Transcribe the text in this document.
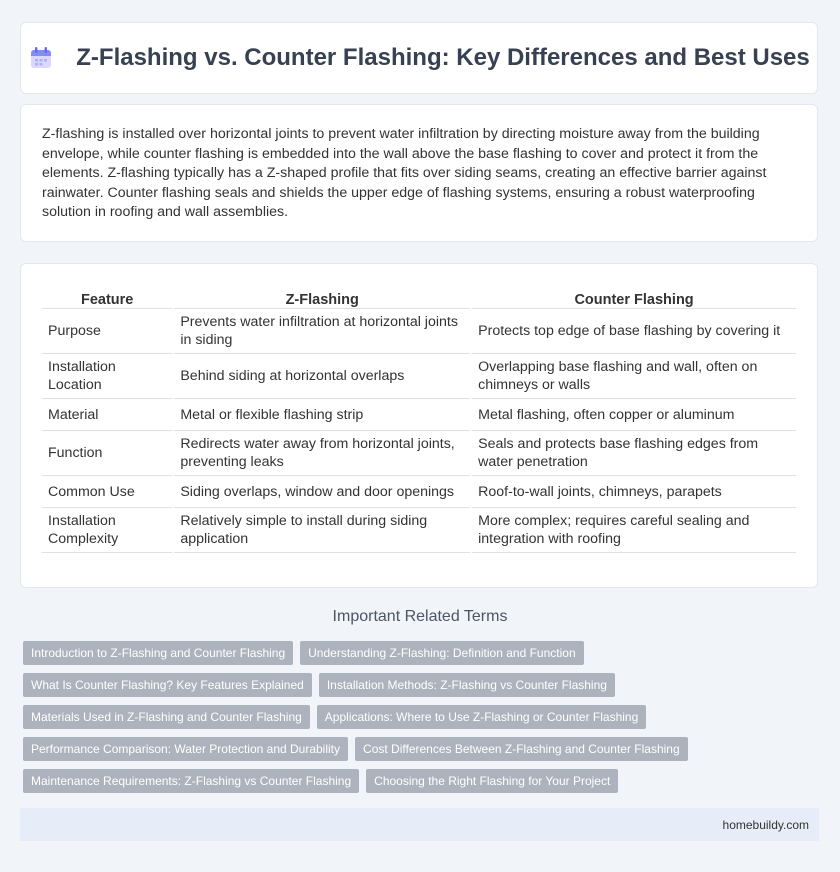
Z-Flashing vs. Counter Flashing: Key Differences and Best Uses

Z-flashing is installed over horizontal joints to prevent water infiltration by directing moisture away from the building envelope, while counter flashing is embedded into the wall above the base flashing to cover and protect it from the elements. Z-flashing typically has a Z-shaped profile that fits over siding seams, creating an effective barrier against rainwater. Counter flashing seals and shields the upper edge of flashing systems, ensuring a robust waterproofing solution in roofing and wall assemblies.

Feature	Z-Flashing	Counter Flashing
Purpose	Prevents water infiltration at horizontal joints in siding	Protects top edge of base flashing by covering it
Installation Location	Behind siding at horizontal overlaps	Overlapping base flashing and wall, often on chimneys or walls
Material	Metal or flexible flashing strip	Metal flashing, often copper or aluminum
Function	Redirects water away from horizontal joints, preventing leaks	Seals and protects base flashing edges from water penetration
Common Use	Siding overlaps, window and door openings	Roof-to-wall joints, chimneys, parapets
Installation Complexity	Relatively simple to install during siding application	More complex; requires careful sealing and integration with roofing
Important Related Terms
Introduction to Z-Flashing and Counter Flashing	Understanding Z-Flashing: Definition and Function
What Is Counter Flashing? Key Features Explained	Installation Methods: Z-Flashing vs Counter Flashing
Materials Used in Z-Flashing and Counter Flashing	Applications: Where to Use Z-Flashing or Counter Flashing
Performance Comparison: Water Protection and Durability	Cost Differences Between Z-Flashing and Counter Flashing
Maintenance Requirements: Z-Flashing vs Counter Flashing	Choosing the Right Flashing for Your Project
homebuildy.com
